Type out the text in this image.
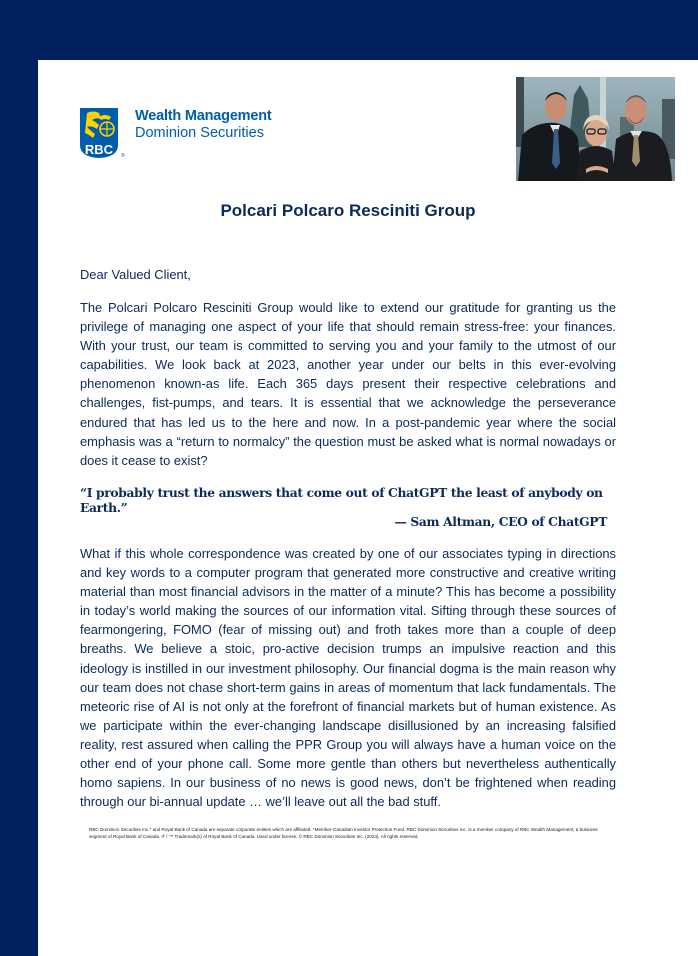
RBC ®
Wealth Management
Dominion Securities
Polcari Polcaro Resciniti Group
Dear Valued Client,
The Polcari Polcaro Resciniti Group would like to extend our gratitude for granting us the privilege of managing one aspect of your life that should remain stress-free: your finances. With your trust, our team is committed to serving you and your family to the utmost of our capabilities. We look back at 2023, another year under our belts in this ever-evolving phenomenon known-as life. Each 365 days present their respective celebrations and challenges, fist-pumps, and tears. It is essential that we acknowledge the perseverance endured that has led us to the here and now. In a post-pandemic year where the social emphasis was a “return to normalcy” the question must be asked what is normal nowadays or does it cease to exist?
“I probably trust the answers that come out of ChatGPT the least of anybody on Earth.”
— Sam Altman, CEO of ChatGPT
What if this whole correspondence was created by one of our associates typing in directions and key words to a computer program that generated more constructive and creative writing material than most financial advisors in the matter of a minute? This has become a possibility in today’s world making the sources of our information vital. Sifting through these sources of fearmongering, FOMO (fear of missing out) and froth takes more than a couple of deep breaths. We believe a stoic, pro-active decision trumps an impulsive reaction and this ideology is instilled in our investment philosophy. Our financial dogma is the main reason why our team does not chase short-term gains in areas of momentum that lack fundamentals. The meteoric rise of AI is not only at the forefront of financial markets but of human existence. As we participate within the ever-changing landscape disillusioned by an increasing falsified reality, rest assured when calling the PPR Group you will always have a human voice on the other end of your phone call. Some more gentle than others but nevertheless authentically homo sapiens. In our business of no news is good news, don’t be frightened when reading through our bi-annual update … we’ll leave out all the bad stuff.
RBC Dominion Securities Inc.* and Royal Bank of Canada are separate corporate entities which are affiliated. *Member-Canadian Investor Protection Fund. RBC Dominion Securities Inc. is a member company of RBC Wealth Management, a business segment of Royal Bank of Canada. ® / ™ Trademark(s) of Royal Bank of Canada. Used under license. © RBC Dominion Securities Inc. (2024). All rights reserved.
